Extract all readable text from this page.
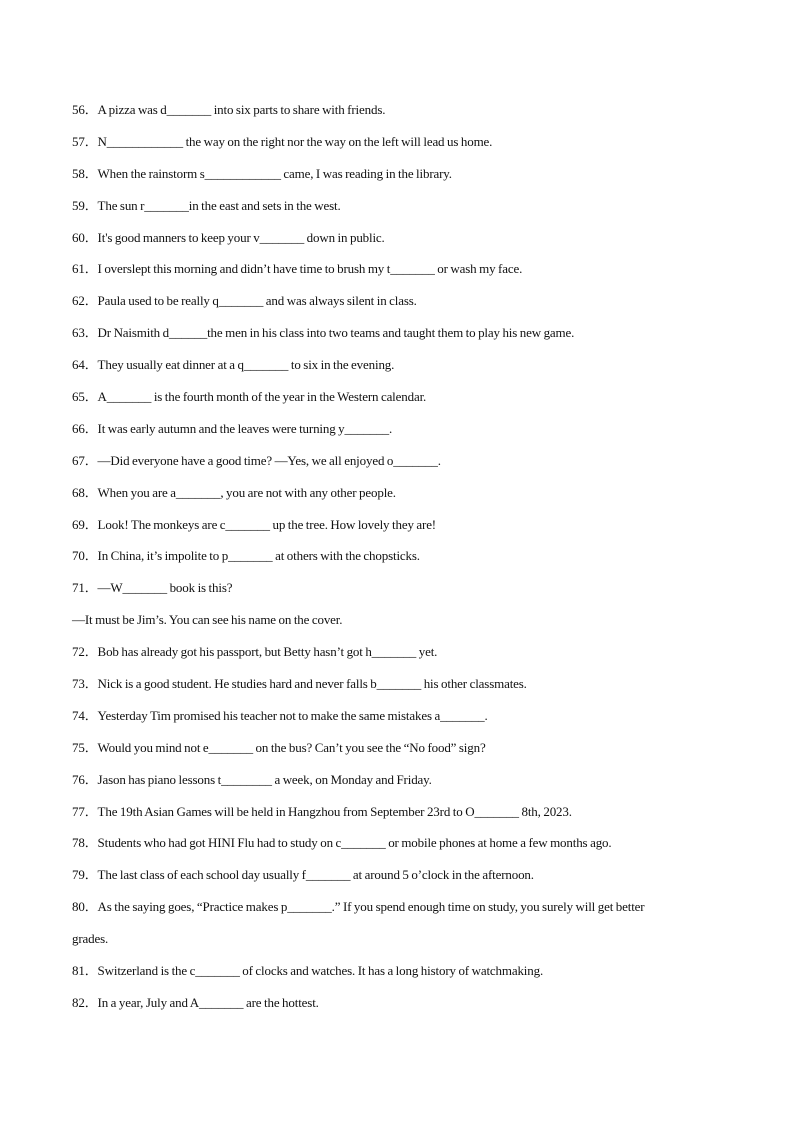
56．A pizza was d_______ into six parts to share with friends.
57．N____________ the way on the right nor the way on the left will lead us home.
58．When the rainstorm s____________ came, I was reading in the library.
59．The sun r_______in the east and sets in the west.
60．It's good manners to keep your v_______ down in public.
61．I overslept this morning and didn’t have time to brush my t_______ or wash my face.
62．Paula used to be really q_______ and was always silent in class.
63．Dr Naismith d______the men in his class into two teams and taught them to play his new game.
64．They usually eat dinner at a q_______ to six in the evening.
65．A_______ is the fourth month of the year in the Western calendar.
66．It was early autumn and the leaves were turning y_______.
67．—Did everyone have a good time? —Yes, we all enjoyed o_______.
68．When you are a_______, you are not with any other people.
69．Look! The monkeys are c_______ up the tree. How lovely they are!
70．In China, it’s impolite to p_______ at others with the chopsticks.
71．—W_______ book is this?
—It must be Jim’s. You can see his name on the cover.
72．Bob has already got his passport, but Betty hasn’t got h_______ yet.
73．Nick is a good student. He studies hard and never falls b_______ his other classmates.
74．Yesterday Tim promised his teacher not to make the same mistakes a_______.
75．Would you mind not e_______ on the bus? Can’t you see the “No food” sign?
76．Jason has piano lessons t________ a week, on Monday and Friday.
77．The 19th Asian Games will be held in Hangzhou from September 23rd to O_______ 8th, 2023.
78．Students who had got HINI Flu had to study on c_______ or mobile phones at home a few months ago.
79．The last class of each school day usually f_______ at around 5 o’clock in the afternoon.
80．As the saying goes, “Practice makes p_______.” If you spend enough time on study, you surely will get better
grades.
81．Switzerland is the c_______ of clocks and watches. It has a long history of watchmaking.
82．In a year, July and A_______ are the hottest.
